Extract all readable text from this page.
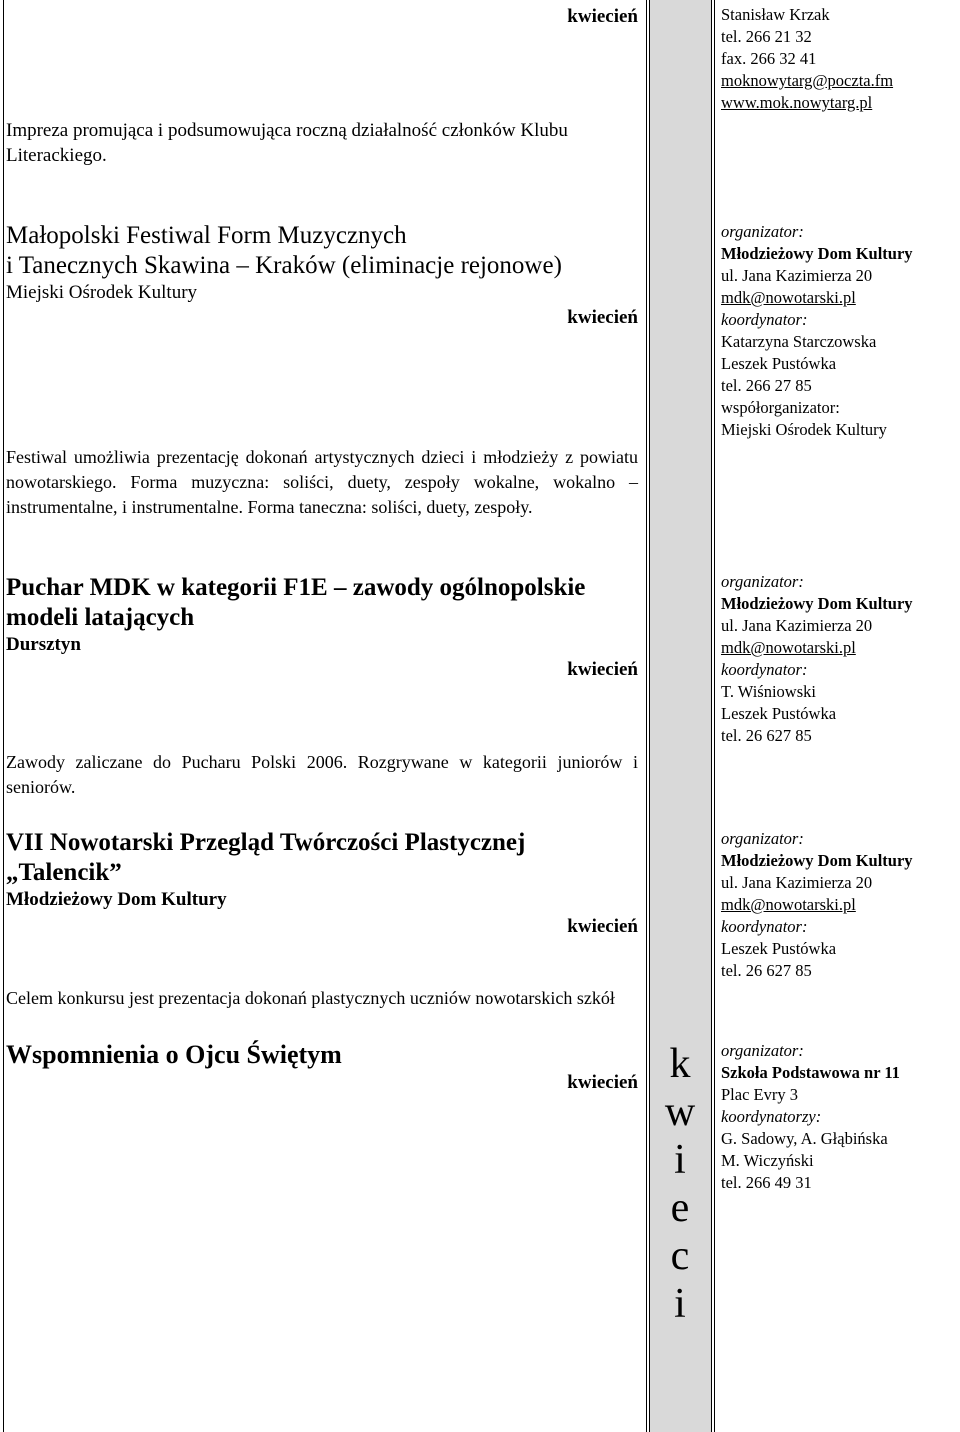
kwiecień
Impreza promująca i podsumowująca roczną działalność członków Klubu Literackiego.
Stanisław Krzak
tel. 266 21 32
fax. 266 32 41
moknowytarg@poczta.fm
www.mok.nowytarg.pl
Małopolski Festiwal Form Muzycznych
i Tanecznych Skawina – Kraków (eliminacje rejonowe)
Miejski Ośrodek Kultury
kwiecień
Festiwal umożliwia prezentację dokonań artystycznych dzieci i młodzieży z powiatu nowotarskiego. Forma muzyczna: soliści, duety, zespoły wokalne, wokalno – instrumentalne, i instrumentalne. Forma taneczna: soliści, duety, zespoły.
organizator:
Młodzieżowy Dom Kultury
ul. Jana Kazimierza 20
mdk@nowotarski.pl
koordynator:
Katarzyna Starczowska
Leszek Pustówka
tel. 266 27 85
współorganizator:
Miejski Ośrodek Kultury
Puchar MDK w kategorii F1E – zawody ogólnopolskie
modeli latających
Dursztyn
kwiecień
Zawody zaliczane do Pucharu Polski 2006. Rozgrywane w kategorii juniorów i seniorów.
organizator:
Młodzieżowy Dom Kultury
ul. Jana Kazimierza 20
mdk@nowotarski.pl
koordynator:
T. Wiśniowski
Leszek Pustówka
tel. 26 627 85
VII Nowotarski Przegląd Twórczości Plastycznej
„Talencik”
Młodzieżowy Dom Kultury
kwiecień
Celem konkursu jest prezentacja dokonań plastycznych uczniów nowotarskich szkół
organizator:
Młodzieżowy Dom Kultury
ul. Jana Kazimierza 20
mdk@nowotarski.pl
koordynator:
Leszek Pustówka
tel. 26 627 85
Wspomnienia o Ojcu Świętym
kwiecień
organizator:
Szkoła Podstawowa nr 11
Plac Evry 3
koordynatorzy:
G. Sadowy, A. Głąbińska
M. Wiczyński
tel. 266 49 31
k
w
i
e
c
i
